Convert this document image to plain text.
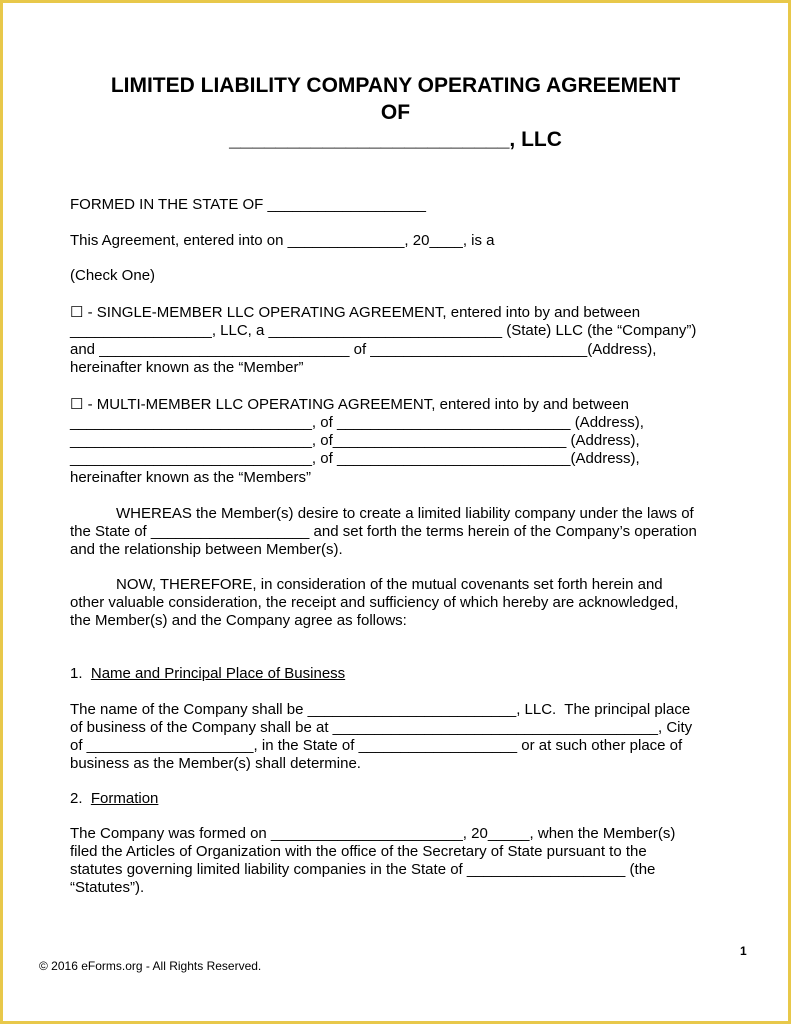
LIMITED LIABILITY COMPANY OPERATING AGREEMENT

OF

________________________, LLC

FORMED IN THE STATE OF ___________________

This Agreement, entered into on ______________, 20____, is a

(Check One)

☐ - SINGLE-MEMBER LLC OPERATING AGREEMENT, entered into by and between

_________________, LLC, a ____________________________ (State) LLC (the “Company”)

and ______________________________ of __________________________(Address),

hereinafter known as the “Member”

☐ - MULTI-MEMBER LLC OPERATING AGREEMENT, entered into by and between

_____________________________, of ____________________________ (Address),

_____________________________, of____________________________ (Address),

_____________________________, of ____________________________(Address),

hereinafter known as the “Members”

WHEREAS the Member(s) desire to create a limited liability company under the laws of

the State of ___________________ and set forth the terms herein of the Company’s operation

and the relationship between Member(s).

NOW, THEREFORE, in consideration of the mutual covenants set forth herein and

other valuable consideration, the receipt and sufficiency of which hereby are acknowledged,

the Member(s) and the Company agree as follows:

1.  Name and Principal Place of Business

The name of the Company shall be _________________________, LLC.  The principal place

of business of the Company shall be at _______________________________________, City

of ____________________, in the State of ___________________ or at such other place of

business as the Member(s) shall determine.

2.  Formation

The Company was formed on _______________________, 20_____, when the Member(s)

filed the Articles of Organization with the office of the Secretary of State pursuant to the

statutes governing limited liability companies in the State of ___________________ (the

“Statutes”).

1
© 2016 eForms.org - All Rights Reserved.
